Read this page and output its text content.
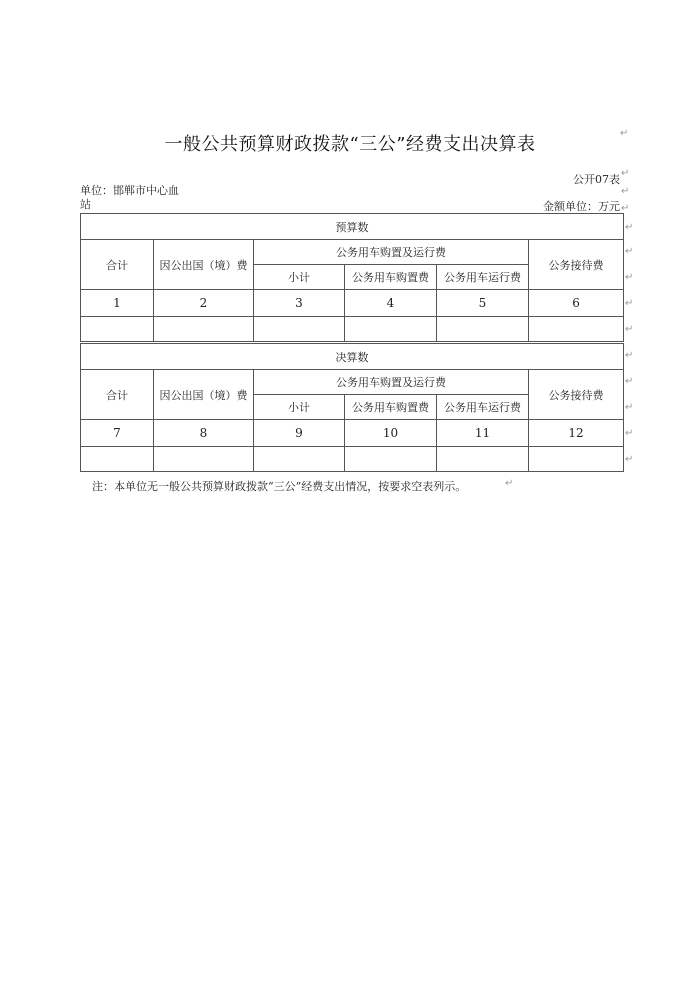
一般公共预算财政拨款“三公”经费支出决算表
↵
公开07表 ↵
单位：邯郸市中心血站
↵
金额单位：万元 ↵
预算数					
合计	因公出国（境）费	公务用车购置及运行费			公务接待费
		小计	公务用车购置费	公务用车运行费	
1	2	3	4	5	6

决算数					
合计	因公出国（境）费	公务用车购置及运行费			公务接待费
		小计	公务用车购置费	公务用车运行费	
7	8	9	10	11	12

↵
↵
↵
↵
↵
↵
↵
↵
↵
↵
注：本单位无一般公共预算财政拨款“三公”经费支出情况，按要求空表列示。	↵
